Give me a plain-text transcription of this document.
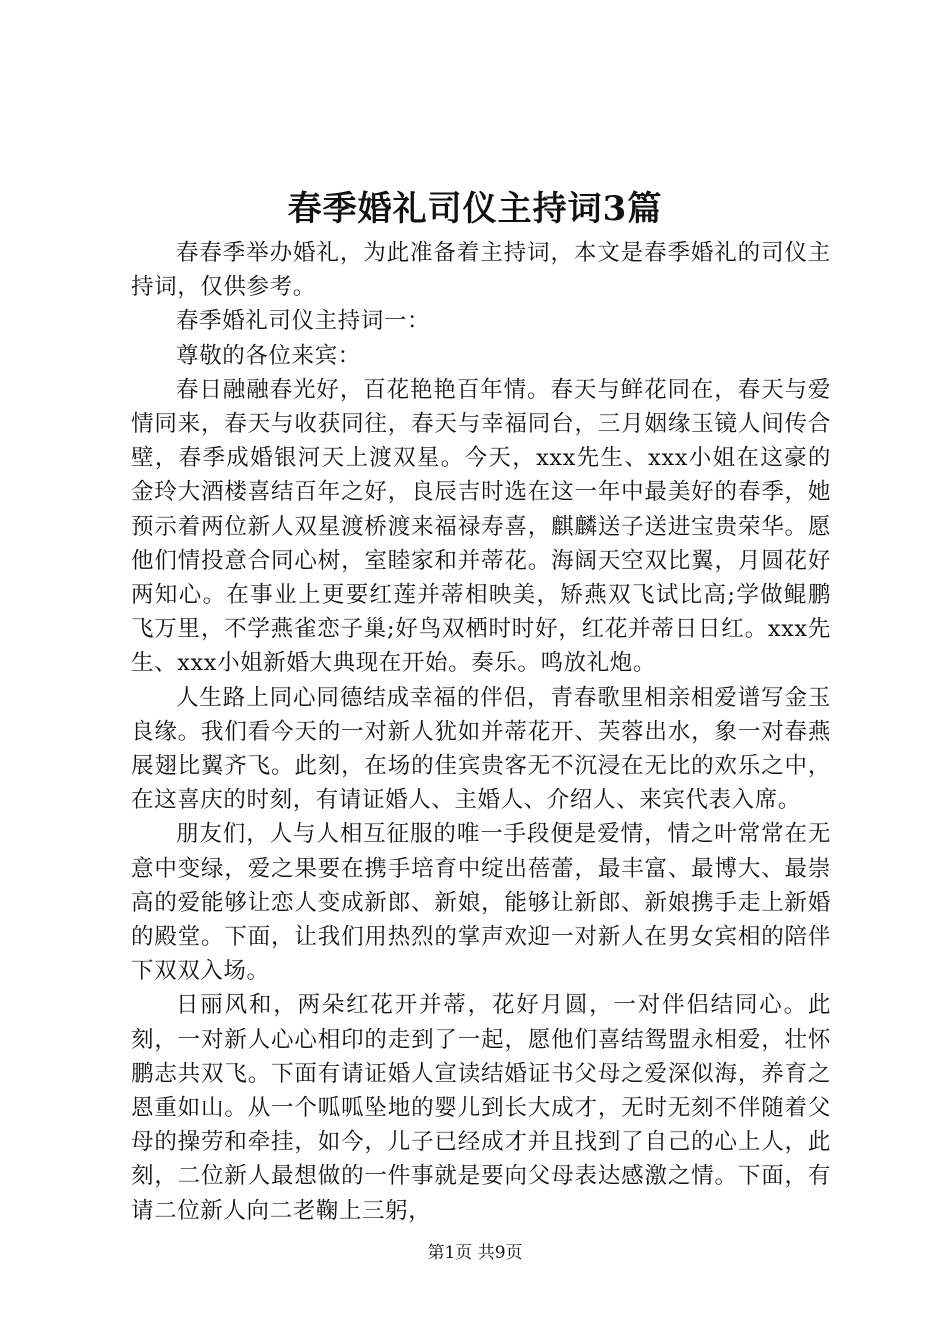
春季婚礼司仪主持词3篇

春春季举办婚礼，为此准备着主持词，本文是春季婚礼的司仪主持词，仅供参考。

春季婚礼司仪主持词一：

尊敬的各位来宾：

春日融融春光好，百花艳艳百年情。春天与鲜花同在，春天与爱情同来，春天与收获同往，春天与幸福同台，三月姻缘玉镜人间传合壁，春季成婚银河天上渡双星。今天，xxx先生、xxx小姐在这豪的金玲大酒楼喜结百年之好，良辰吉时选在这一年中最美好的春季，她预示着两位新人双星渡桥渡来福禄寿喜，麒麟送子送进宝贵荣华。愿他们情投意合同心树，室睦家和并蒂花。海阔天空双比翼，月圆花好两知心。在事业上更要红莲并蒂相映美，矫燕双飞试比高;学做鲲鹏飞万里，不学燕雀恋子巢;好鸟双栖时时好，红花并蒂日日红。xxx先生、xxx小姐新婚大典现在开始。奏乐。鸣放礼炮。

人生路上同心同德结成幸福的伴侣，青春歌里相亲相爱谱写金玉良缘。我们看今天的一对新人犹如并蒂花开、芙蓉出水，象一对春燕展翅比翼齐飞。此刻，在场的佳宾贵客无不沉浸在无比的欢乐之中，在这喜庆的时刻，有请证婚人、主婚人、介绍人、来宾代表入席。

朋友们，人与人相互征服的唯一手段便是爱情，情之叶常常在无意中变绿，爱之果要在携手培育中绽出蓓蕾，最丰富、最博大、最崇高的爱能够让恋人变成新郎、新娘，能够让新郎、新娘携手走上新婚的殿堂。下面，让我们用热烈的掌声欢迎一对新人在男女宾相的陪伴下双双入场。

日丽风和，两朵红花开并蒂，花好月圆，一对伴侣结同心。此刻，一对新人心心相印的走到了一起，愿他们喜结鸳盟永相爱，壮怀鹏志共双飞。下面有请证婚人宣读结婚证书父母之爱深似海，养育之恩重如山。从一个呱呱坠地的婴儿到长大成才，无时无刻不伴随着父母的操劳和牵挂，如今，儿子已经成才并且找到了自己的心上人，此刻，二位新人最想做的一件事就是要向父母表达感激之情。下面，有请二位新人向二老鞠上三躬，

第1页 共9页
